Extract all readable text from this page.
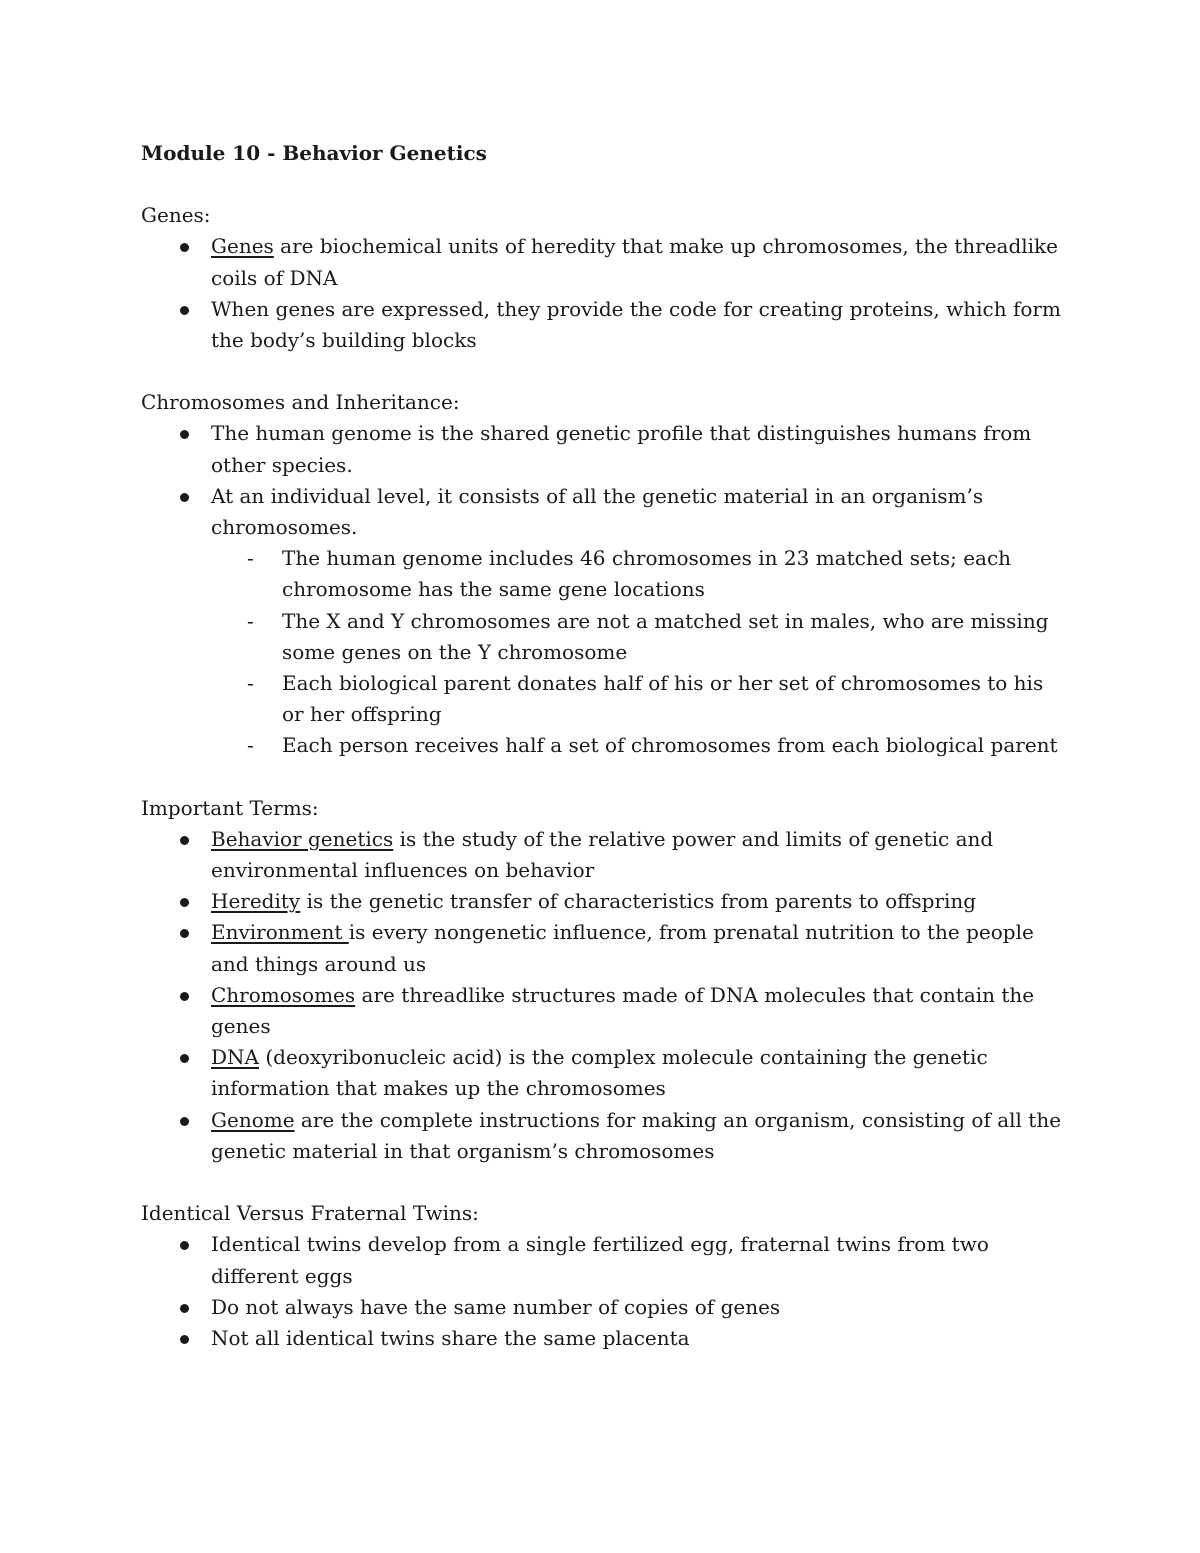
Module 10 - Behavior Genetics
Genes:
Genes are biochemical units of heredity that make up chromosomes, the threadlike coils of DNA
When genes are expressed, they provide the code for creating proteins, which form the body’s building blocks
Chromosomes and Inheritance:
The human genome is the shared genetic profile that distinguishes humans from other species.
At an individual level, it consists of all the genetic material in an organism’s chromosomes.
- The human genome includes 46 chromosomes in 23 matched sets; each chromosome has the same gene locations
- The X and Y chromosomes are not a matched set in males, who are missing some genes on the Y chromosome
- Each biological parent donates half of his or her set of chromosomes to his or her offspring
- Each person receives half a set of chromosomes from each biological parent
Important Terms:
Behavior genetics is the study of the relative power and limits of genetic and environmental influences on behavior
Heredity is the genetic transfer of characteristics from parents to offspring
Environment is every nongenetic influence, from prenatal nutrition to the people and things around us
Chromosomes are threadlike structures made of DNA molecules that contain the genes
DNA (deoxyribonucleic acid) is the complex molecule containing the genetic information that makes up the chromosomes
Genome are the complete instructions for making an organism, consisting of all the genetic material in that organism’s chromosomes
Identical Versus Fraternal Twins:
Identical twins develop from a single fertilized egg, fraternal twins from two different eggs
Do not always have the same number of copies of genes
Not all identical twins share the same placenta
